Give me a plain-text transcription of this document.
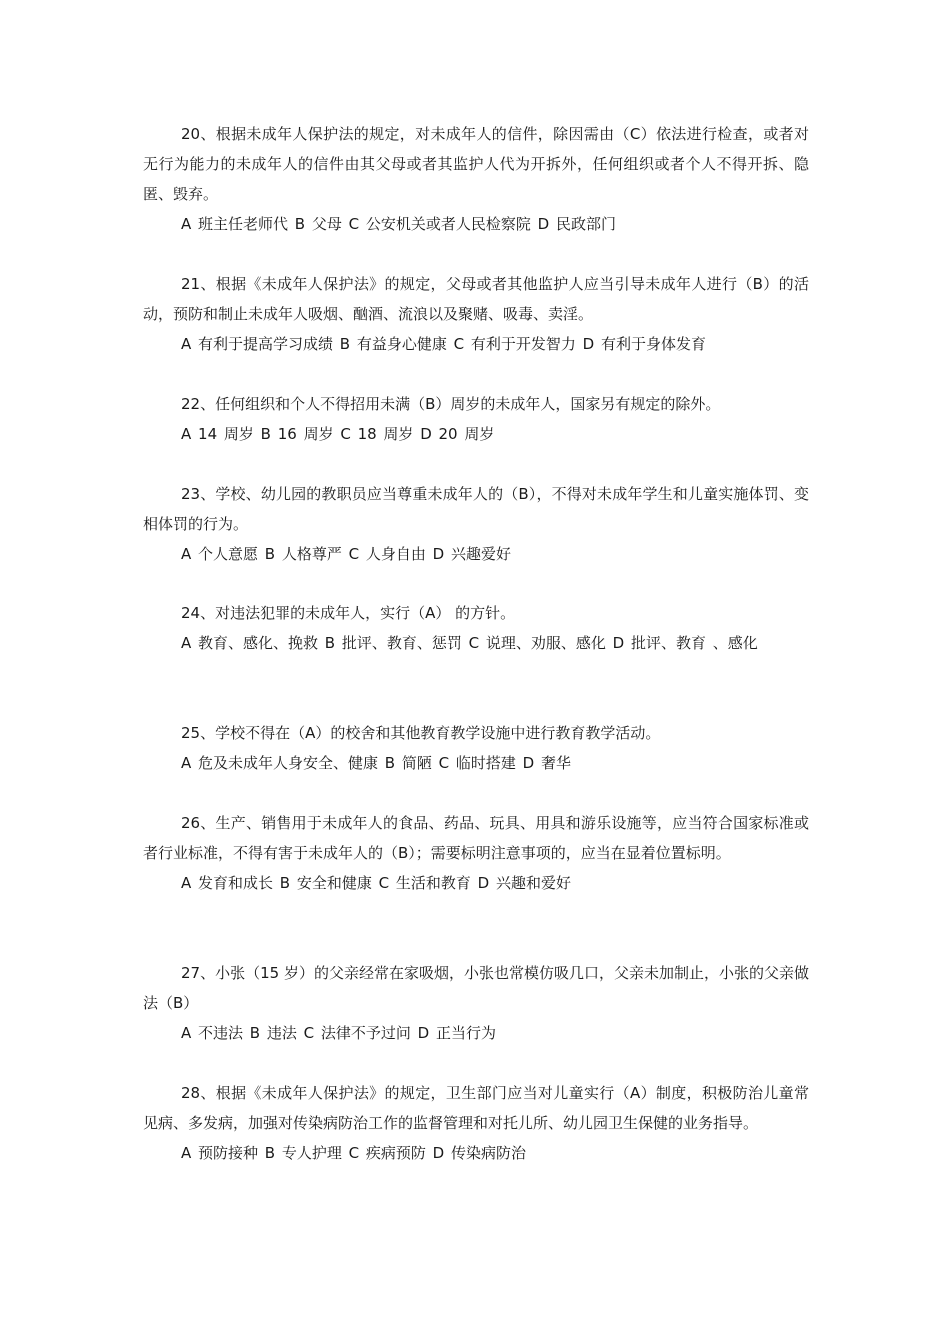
20、根据未成年人保护法的规定，对未成年人的信件，除因需由（C）依法进行检查，或者对无行为能力的未成年人的信件由其父母或者其监护人代为开拆外，任何组织或者个人不得开拆、隐匿、毁弃。

A 班主任老师代 B 父母 C 公安机关或者人民检察院 D 民政部门

21、根据《未成年人保护法》的规定，父母或者其他监护人应当引导未成年人进行（B）的活动，预防和制止未成年人吸烟、酗酒、流浪以及聚赌、吸毒、卖淫。

A 有利于提高学习成绩 B 有益身心健康 C 有利于开发智力 D 有利于身体发育

22、任何组织和个人不得招用未满（B）周岁的未成年人，国家另有规定的除外。

A 14 周岁 B 16 周岁 C 18 周岁 D 20 周岁

23、学校、幼儿园的教职员应当尊重未成年人的（B），不得对未成年学生和儿童实施体罚、变相体罚的行为。

A 个人意愿 B 人格尊严 C 人身自由 D 兴趣爱好

24、对违法犯罪的未成年人，实行（A） 的方针。

A 教育、感化、挽救 B 批评、教育、惩罚 C 说理、劝服、感化 D 批评、教育 、感化

25、学校不得在（A）的校舍和其他教育教学设施中进行教育教学活动。

A 危及未成年人身安全、健康 B 简陋 C 临时搭建 D 奢华

26、生产、销售用于未成年人的食品、药品、玩具、用具和游乐设施等，应当符合国家标准或者行业标准，不得有害于未成年人的（B）；需要标明注意事项的，应当在显着位置标明。

A 发育和成长 B 安全和健康 C 生活和教育 D 兴趣和爱好

27、小张（15 岁）的父亲经常在家吸烟，小张也常模仿吸几口，父亲未加制止，小张的父亲做法（B）

A 不违法 B 违法 C 法律不予过问 D 正当行为

28、根据《未成年人保护法》的规定，卫生部门应当对儿童实行（A）制度，积极防治儿童常见病、多发病，加强对传染病防治工作的监督管理和对托儿所、幼儿园卫生保健的业务指导。

A 预防接种 B 专人护理 C 疾病预防 D 传染病防治
